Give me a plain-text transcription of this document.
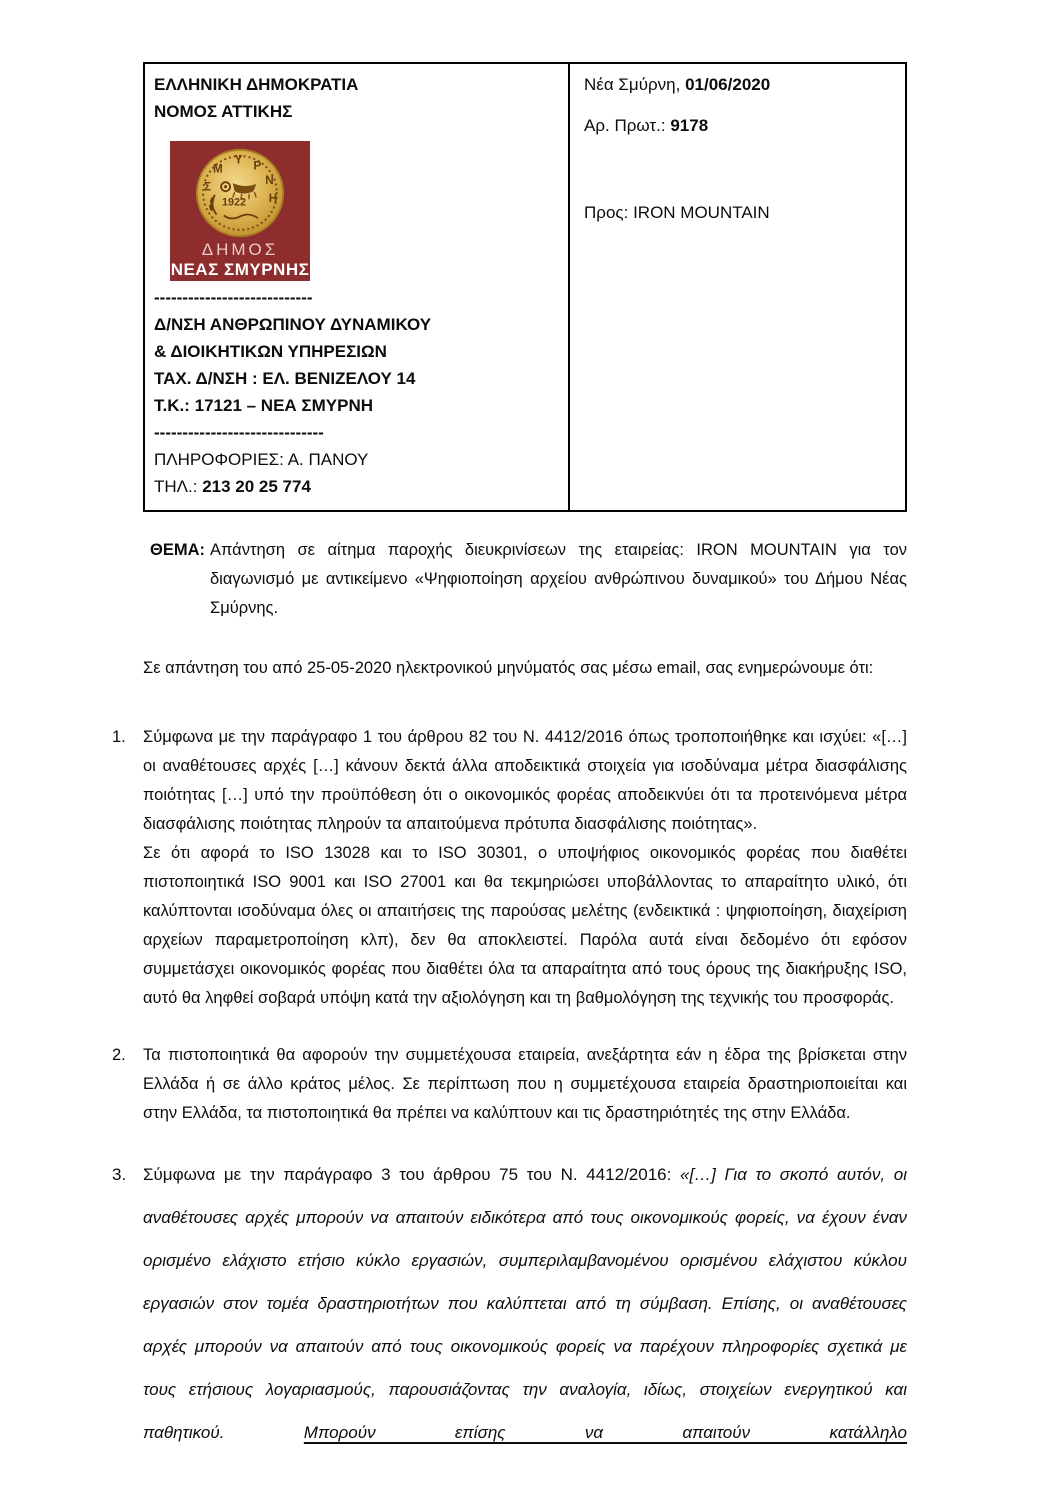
ΕΛΛΗΝΙΚΗ ΔΗΜΟΚΡΑΤΙΑ
ΝΟΜΟΣ ΑΤΤΙΚΗΣ
Σ
Μ
Υ Ρ
Ν
Η
1922
ΔΗΜΟΣ
ΝΕΑΣ ΣΜΥΡΝΗΣ
----------------------------
Δ/ΝΣΗ ΑΝΘΡΩΠΙΝΟΥ ΔΥΝΑΜΙΚΟΥ
& ΔΙΟΙΚΗΤΙΚΩΝ ΥΠΗΡΕΣΙΩΝ
ΤΑΧ. Δ/ΝΣΗ : ΕΛ. ΒΕΝΙΖΕΛΟΥ 14
Τ.Κ.: 17121 – ΝΕΑ ΣΜΥΡΝΗ
------------------------------
ΠΛΗΡΟΦΟΡΙΕΣ: Α. ΠΑΝΟΥ
ΤΗΛ.: 213 20 25 774
Νέα Σμύρνη, 01/06/2020
Αρ. Πρωτ.: 9178
Προς: IRON MOUNTAIN
ΘΕΜΑ: Απάντηση σε αίτημα παροχής διευκρινίσεων της εταιρείας: IRON MOUNTAIN για τον διαγωνισμό με αντικείμενο «Ψηφιοποίηση αρχείου ανθρώπινου δυναμικού» του Δήμου Νέας Σμύρνης.
Σε απάντηση του από 25-05-2020 ηλεκτρονικού μηνύματός σας μέσω email, σας ενημερώνουμε ότι:
1.	Σύμφωνα με την παράγραφο 1 του άρθρου 82 του Ν. 4412/2016 όπως τροποποιήθηκε και ισχύει: «[…] οι αναθέτουσες αρχές […] κάνουν δεκτά άλλα αποδεικτικά στοιχεία για ισοδύναμα μέτρα διασφάλισης ποιότητας […] υπό την προϋπόθεση ότι ο οικονομικός φορέας αποδεικνύει ότι τα προτεινόμενα μέτρα διασφάλισης ποιότητας πληρούν τα απαιτούμενα πρότυπα διασφάλισης ποιότητας».

Σε ότι αφορά το ISO 13028 και το ISO 30301, ο υποψήφιος οικονομικός φορέας που διαθέτει πιστοποιητικά ISO 9001 και ISO 27001 και θα τεκμηριώσει υποβάλλοντας το απαραίτητο υλικό, ότι καλύπτονται ισοδύναμα όλες οι απαιτήσεις της παρούσας μελέτης (ενδεικτικά : ψηφιοποίηση, διαχείριση αρχείων παραμετροποίηση κλπ), δεν θα αποκλειστεί. Παρόλα αυτά είναι δεδομένο ότι εφόσον συμμετάσχει οικονομικός φορέας που διαθέτει όλα τα απαραίτητα από τους όρους της διακήρυξης ISO, αυτό θα ληφθεί σοβαρά υπόψη κατά την αξιολόγηση και τη βαθμολόγηση της τεχνικής του προσφοράς.

2.	Τα πιστοποιητικά θα αφορούν την συμμετέχουσα εταιρεία, ανεξάρτητα εάν η έδρα της βρίσκεται στην Ελλάδα ή σε άλλο κράτος μέλος. Σε περίπτωση που η συμμετέχουσα εταιρεία δραστηριοποιείται και στην Ελλάδα, τα πιστοποιητικά θα πρέπει να καλύπτουν και τις δραστηριότητές της στην Ελλάδα.

3. Σύμφωνα με την παράγραφο 3 του άρθρου 75 του Ν. 4412/2016: «[…] Για το σκοπό αυτόν, οι αναθέτουσες αρχές μπορούν να απαιτούν ειδικότερα από τους οικονομικούς φορείς, να έχουν έναν ορισμένο ελάχιστο ετήσιο κύκλο εργασιών, συμπεριλαμβανομένου ορισμένου ελάχιστου κύκλου εργασιών στον τομέα δραστηριοτήτων που καλύπτεται από τη σύμβαση. Επίσης, οι αναθέτουσες αρχές μπορούν να απαιτούν από τους οικονομικούς φορείς να παρέχουν πληροφορίες σχετικά με τους ετήσιους λογαριασμούς, παρουσιάζοντας την αναλογία, ιδίως, στοιχείων ενεργητικού και παθητικού. Μπορούν επίσης να απαιτούν κατάλληλο
